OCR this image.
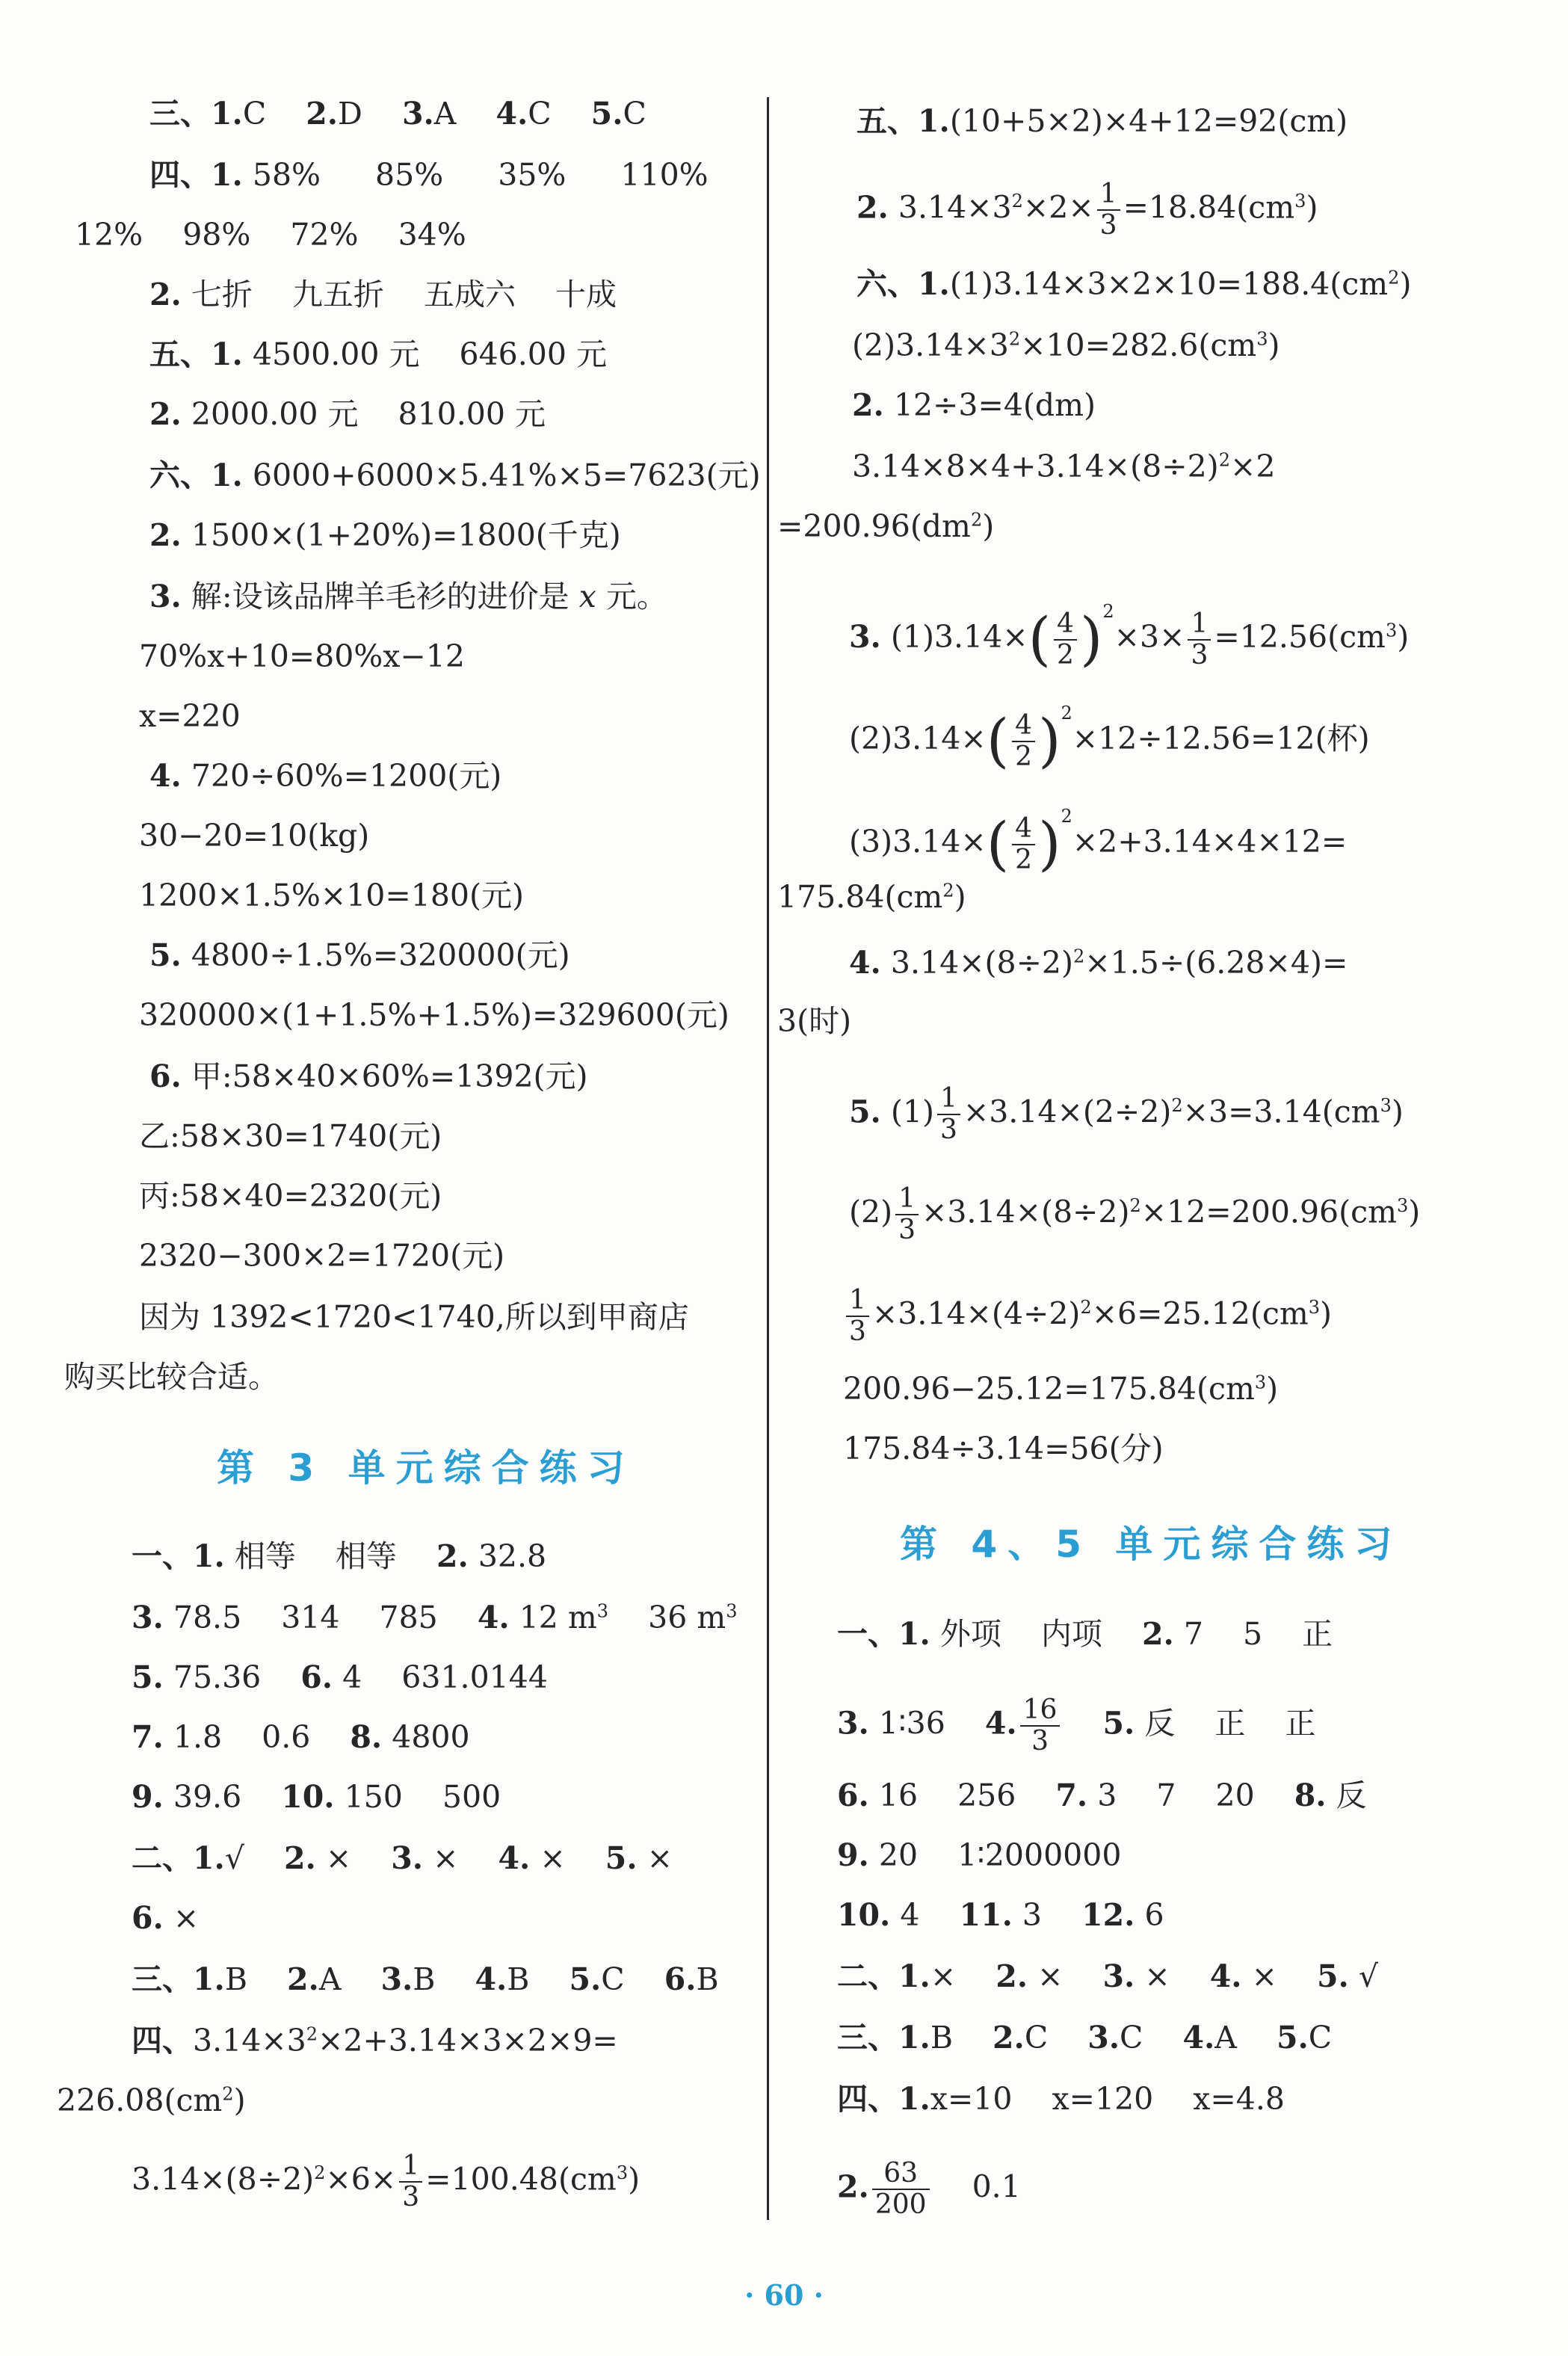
三、1.C 2.D 3.A 4.C 5.C
四、1. 58% 85% 35% 110%
12% 98% 72% 34%
2. 七折 九五折 五成六 十成
五、1. 4500.00 元 646.00 元
2. 2000.00 元 810.00 元
六、1. 6000+6000×5.41%×5=7623(元)
2. 1500×(1+20%)=1800(千克)
3. 解:设该品牌羊毛衫的进价是 x 元。
70%x+10=80%x−12
x=220
4. 720÷60%=1200(元)
30−20=10(kg)
1200×1.5%×10=180(元)
5. 4800÷1.5%=320000(元)
320000×(1+1.5%+1.5%)=329600(元)
6. 甲:58×40×60%=1392(元)
乙:58×30=1740(元)
丙:58×40=2320(元)
2320−300×2=1720(元)
因为 1392<1720<1740,所以到甲商店
购买比较合适。
第 3 单元综合练习
一、1. 相等 相等 2. 32.8
3. 78.5 314 785 4. 12 $m^3$ 36 $m^3$
5. 75.36 6. 4 631.0144
7. 1.8 0.6 8. 4800
9. 39.6 10. 150 500
二、1.√ 2. × 3. × 4. × 5. ×
6. ×
三、1.B 2.A 3.B 4.B 5.C 6.B
四、$3.14\times 3^2\times 2+3.14\times 3\times 2\times 9=$
$226.08(cm^2)$
$3.14\times(8\div 2)^2\times 6\times \frac{1}{3} =100.48(cm^3)$
五、1.(10+5×2)×4+12=92(cm)
2. $3.14\times 3^2\times 2\times \frac{1}{3} =18.84(cm^3)$
六、$1.(1)3.14\times 3\times 2\times 10=188.4(cm^2)$
$(2)3.14\times 3^2\times 10=282.6(cm^3)$
2. 12÷3=4(dm)
$3.14\times 8\times 4+3.14\times(8\div 2)^2\times 2$
$=200.96(dm^2)$
3. $(1)3.14\times( \frac{4}{2} )^2\times 3\times \frac{1}{3} =12.56(cm^3)$
$(2)3.14\times( \frac{4}{2} )^2\times 12\div 12.56=12$(杯)
$(3)3.14\times( \frac{4}{2} )^2\times 2+3.14\times 4\times 12=$
$175.84(cm^2)$
4. $3.14\times(8\div 2)^2\times 1.5\div(6.28\times 4)=$
3(时)
5. $(1) \frac{1}{3} \times 3.14\times(2\div 2)^2\times 3=3.14(cm^3)$
$(2) \frac{1}{3} \times 3.14\times(8\div 2)^2\times 12=200.96(cm^3)$
$\frac{1}{3} \times 3.14\times(4\div 2)^2\times 6=25.12(cm^3)$
$200.96-25.12=175.84(cm^3)$
175.84÷3.14=56(分)
第 4、5 单元综合练习
一、1. 外项 内项 2. 7 5 正
3. 1∶36 4. $\frac{16}{3} 5$. 反 正 正
6. 16 256 7. 3 7 20 8. 反
9. 20 1∶2000000
10. 4 11. 3 12. 6
二、1.× 2. × 3. × 4. × 5. √
三、1.B 2.C 3.C 4.A 5.C
四、1.x=10 x=120 x=4.8
2. $\frac{63}{200} 0.1$
· 60 ·
